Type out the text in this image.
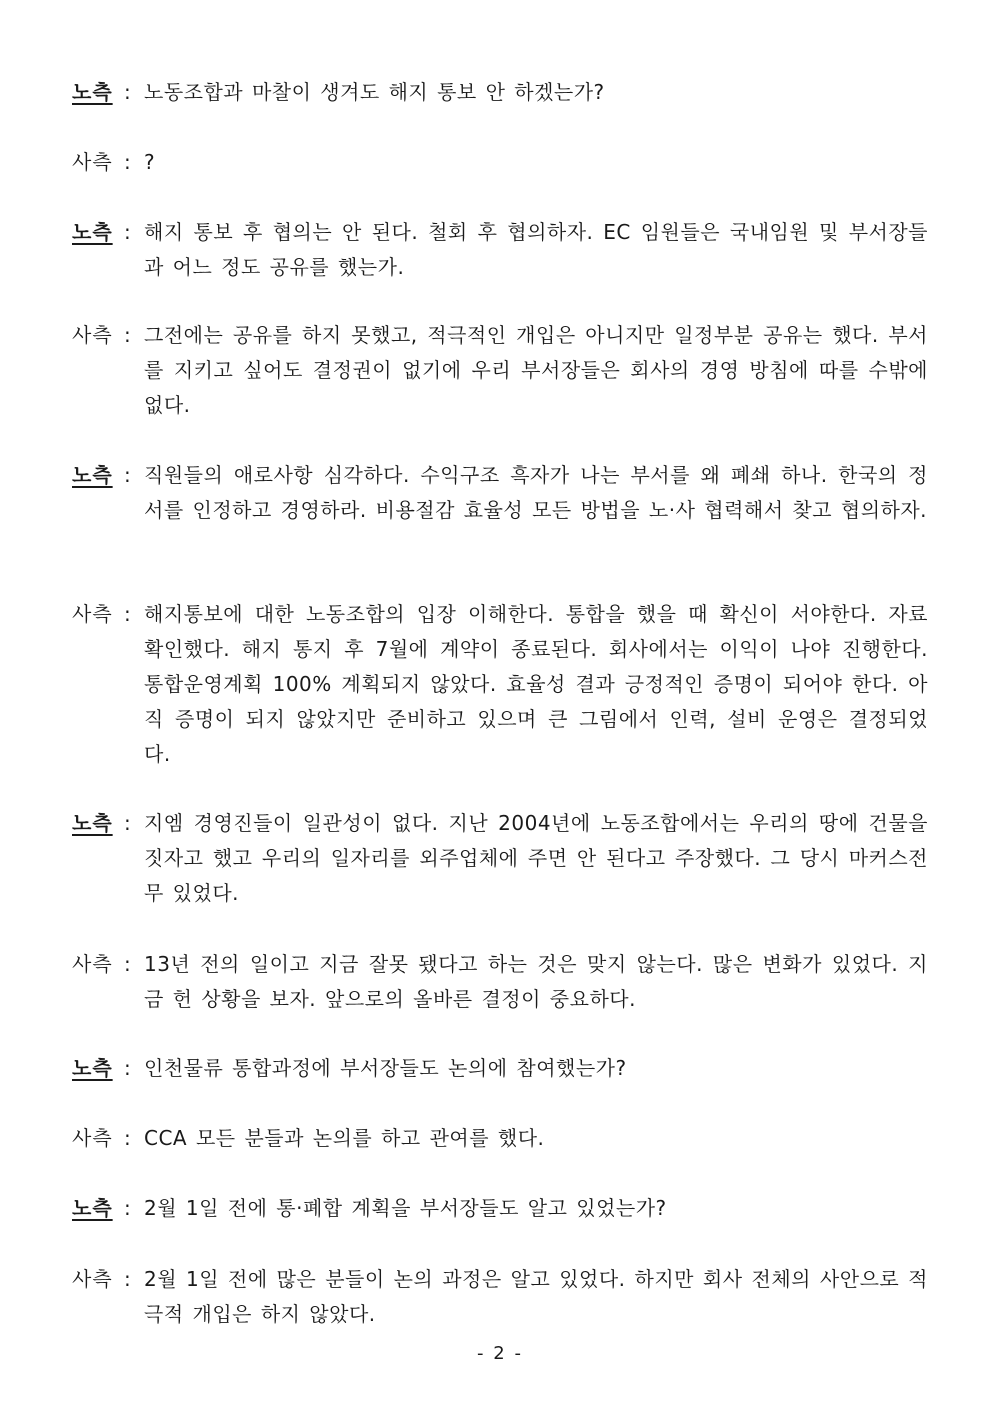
노측 : 노동조합과 마찰이 생겨도 해지 통보 안 하겠는가?
사측 : ?
노측 : 해지 통보 후 협의는 안 된다. 철회 후 협의하자. EC 임원들은 국내임원 및 부서장들과 어느 정도 공유를 했는가.
사측 : 그전에는 공유를 하지 못했고, 적극적인 개입은 아니지만 일정부분 공유는 했다. 부서를 지키고 싶어도 결정권이 없기에 우리 부서장들은 회사의 경영 방침에 따를 수밖에 없다.
노측 : 직원들의 애로사항 심각하다. 수익구조 흑자가 나는 부서를 왜 폐쇄 하나. 한국의 정서를 인정하고 경영하라. 비용절감 효율성 모든 방법을 노·사 협력해서 찾고 협의하자.
사측 : 해지통보에 대한 노동조합의 입장 이해한다. 통합을 했을 때 확신이 서야한다. 자료 확인했다. 해지 통지 후 7월에 계약이 종료된다. 회사에서는 이익이 나야 진행한다. 통합운영계획 100% 계획되지 않았다. 효율성 결과 긍정적인 증명이 되어야 한다. 아직 증명이 되지 않았지만 준비하고 있으며 큰 그림에서 인력, 설비 운영은 결정되었다.
노측 : 지엠 경영진들이 일관성이 없다. 지난 2004년에 노동조합에서는 우리의 땅에 건물을 짓자고 했고 우리의 일자리를 외주업체에 주면 안 된다고 주장했다. 그 당시 마커스전무 있었다.
사측 : 13년 전의 일이고 지금 잘못 됐다고 하는 것은 맞지 않는다. 많은 변화가 있었다. 지금 헌 상황을 보자. 앞으로의 올바른 결정이 중요하다.
노측 : 인천물류 통합과정에 부서장들도 논의에 참여했는가?
사측 : CCA 모든 분들과 논의를 하고 관여를 했다.
노측 : 2월 1일 전에 통·폐합 계획을 부서장들도 알고 있었는가?
사측 : 2월 1일 전에 많은 분들이 논의 과정은 알고 있었다. 하지만 회사 전체의 사안으로 적극적 개입은 하지 않았다.
- 2 -
